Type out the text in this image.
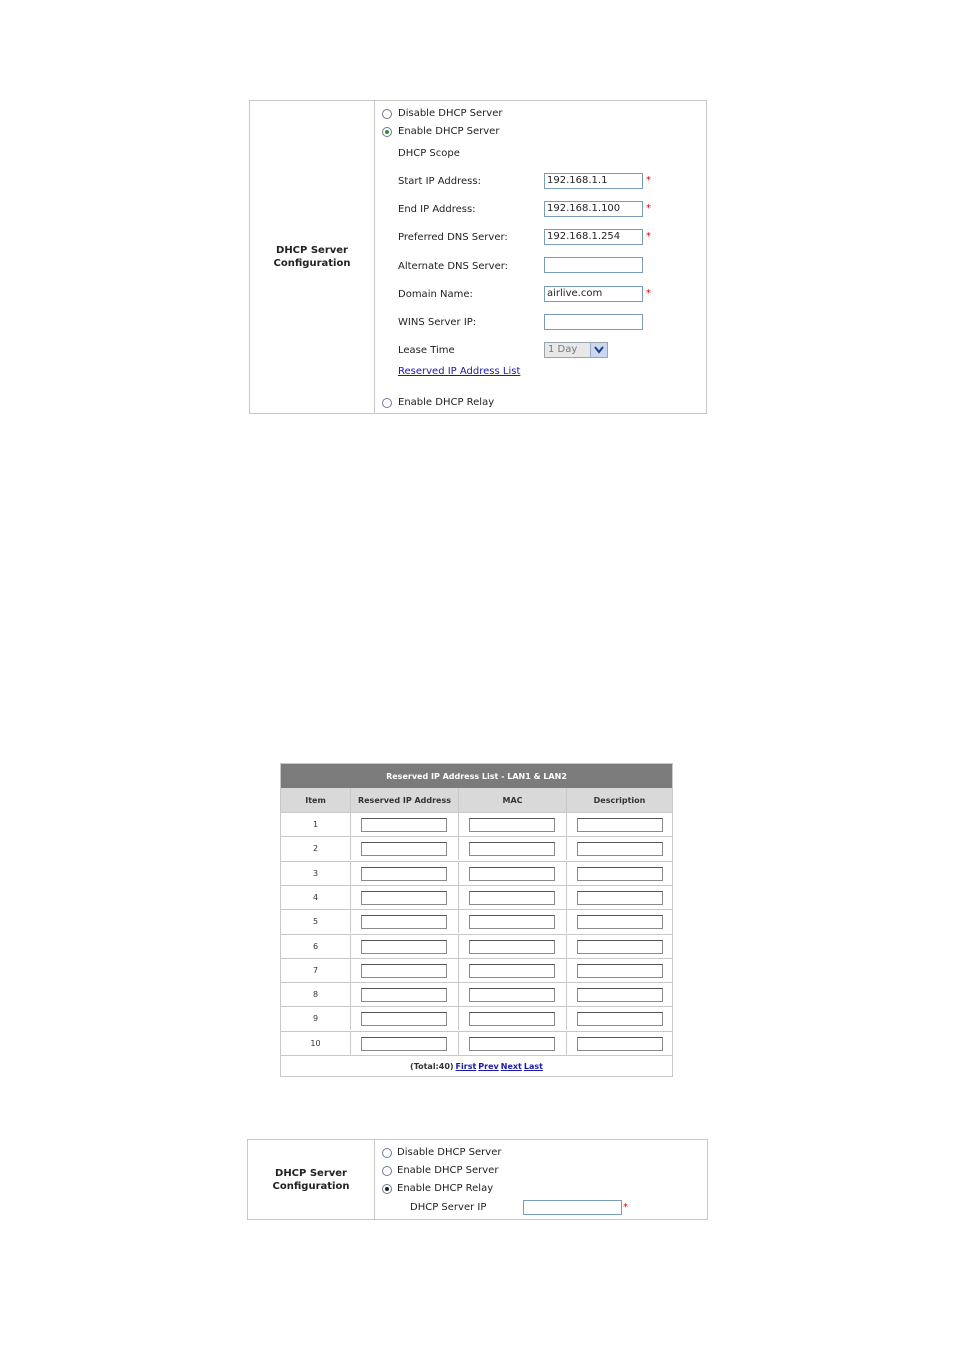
DHCP Server
Configuration
Disable DHCP Server
Enable DHCP Server
DHCP Scope
Start IP Address:	192.168.1.1	*
End IP Address:	192.168.1.100	*
Preferred DNS Server:	192.168.1.254	*
Alternate DNS Server:
Domain Name:	airlive.com	*
WINS Server IP:
Lease Time	1 Day
Reserved IP Address List
Enable DHCP Relay
Reserved IP Address List - LAN1 & LAN2
Item	Reserved IP Address	MAC	Description
1
2
3
4
5
6
7
8
9
10
(Total:40) First Prev Next Last
DHCP Server
Configuration
Disable DHCP Server
Enable DHCP Server
Enable DHCP Relay
DHCP Server IP	*
